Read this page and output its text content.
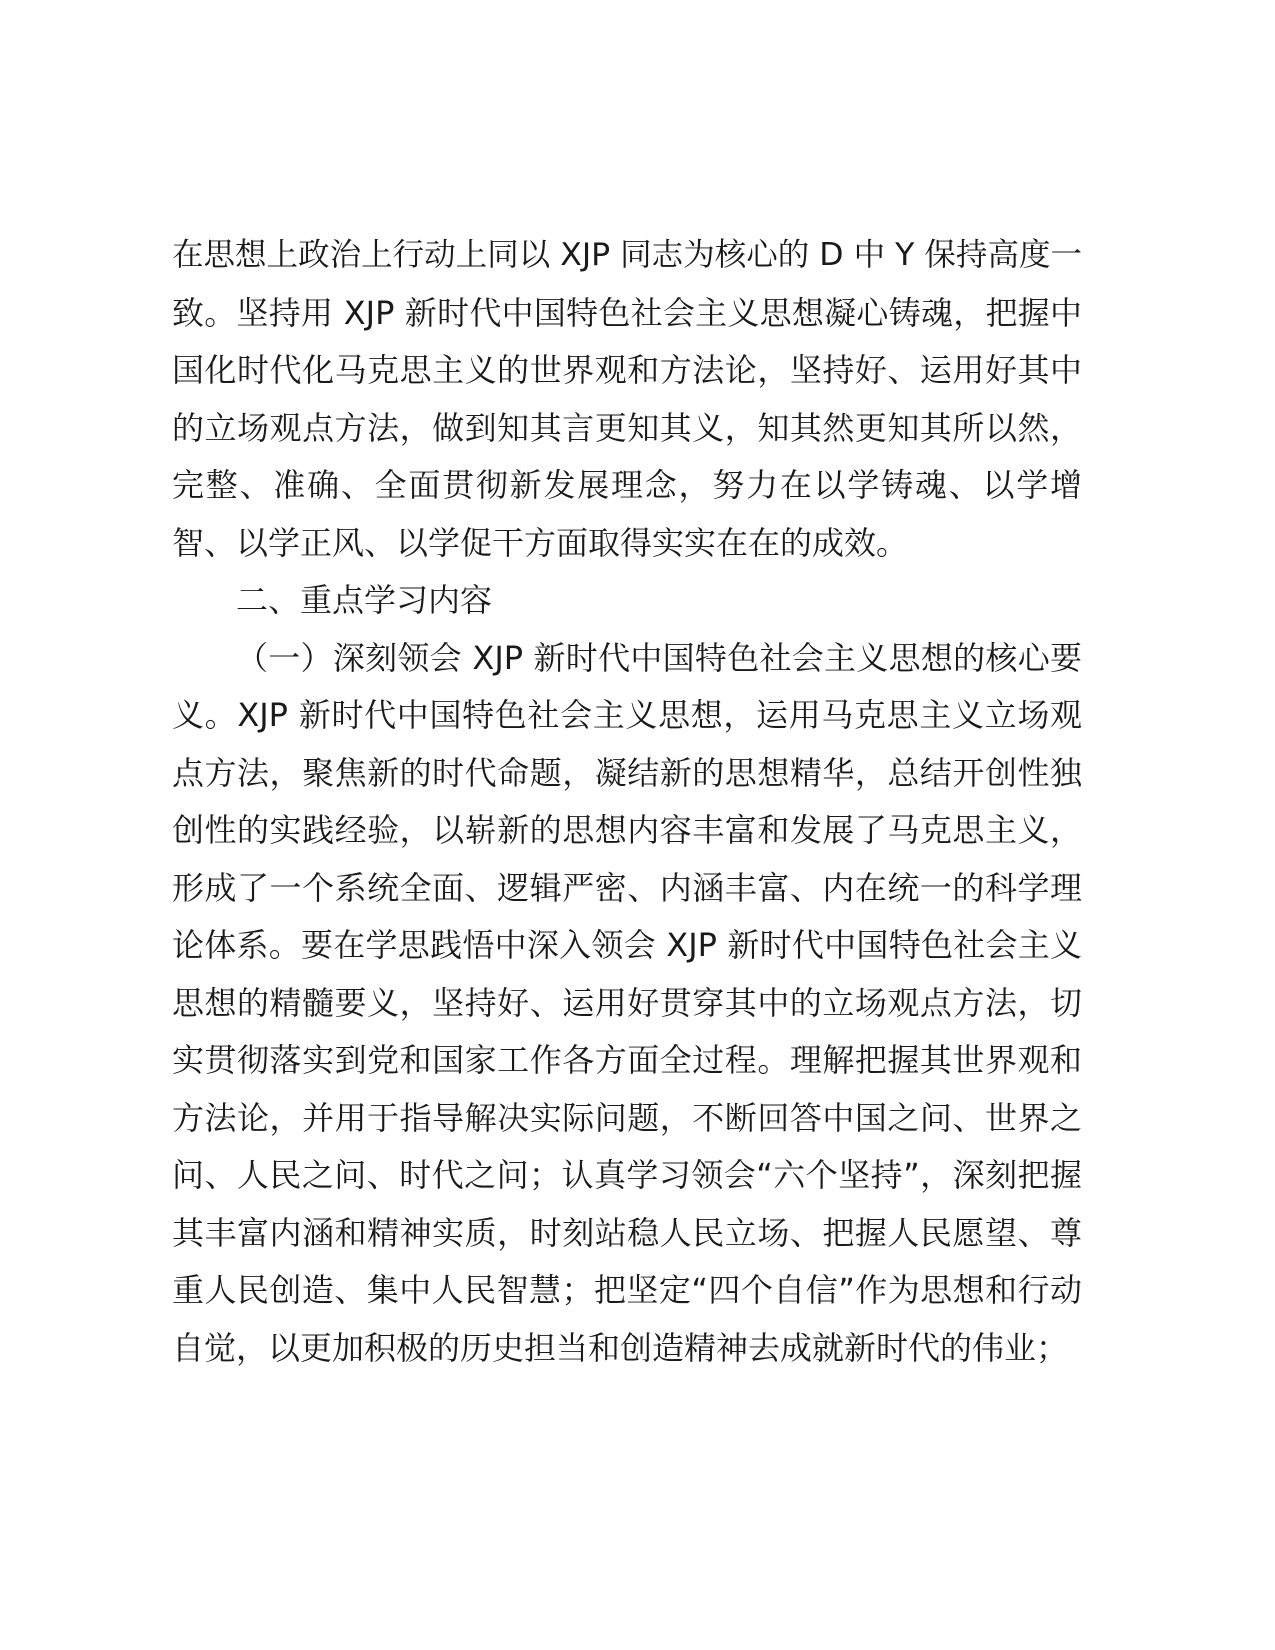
在思想上政治上行动上同以 XJP 同志为核心的 D 中 Y 保持高度一
致。坚持用 XJP 新时代中国特色社会主义思想凝心铸魂，把握中
国化时代化马克思主义的世界观和方法论，坚持好、运用好其中
的立场观点方法，做到知其言更知其义，知其然更知其所以然，
完整、准确、全面贯彻新发展理念，努力在以学铸魂、以学增
智、以学正风、以学促干方面取得实实在在的成效。

二、重点学习内容

（一）深刻领会 XJP 新时代中国特色社会主义思想的核心要
义。XJP 新时代中国特色社会主义思想，运用马克思主义立场观
点方法，聚焦新的时代命题，凝结新的思想精华，总结开创性独
创性的实践经验，以崭新的思想内容丰富和发展了马克思主义，
形成了一个系统全面、逻辑严密、内涵丰富、内在统一的科学理
论体系。要在学思践悟中深入领会 XJP 新时代中国特色社会主义
思想的精髓要义，坚持好、运用好贯穿其中的立场观点方法，切
实贯彻落实到党和国家工作各方面全过程。理解把握其世界观和
方法论，并用于指导解决实际问题，不断回答中国之问、世界之
问、人民之问、时代之问；认真学习领会“六个坚持”，深刻把握
其丰富内涵和精神实质，时刻站稳人民立场、把握人民愿望、尊
重人民创造、集中人民智慧；把坚定“四个自信”作为思想和行动
自觉，以更加积极的历史担当和创造精神去成就新时代的伟业；
